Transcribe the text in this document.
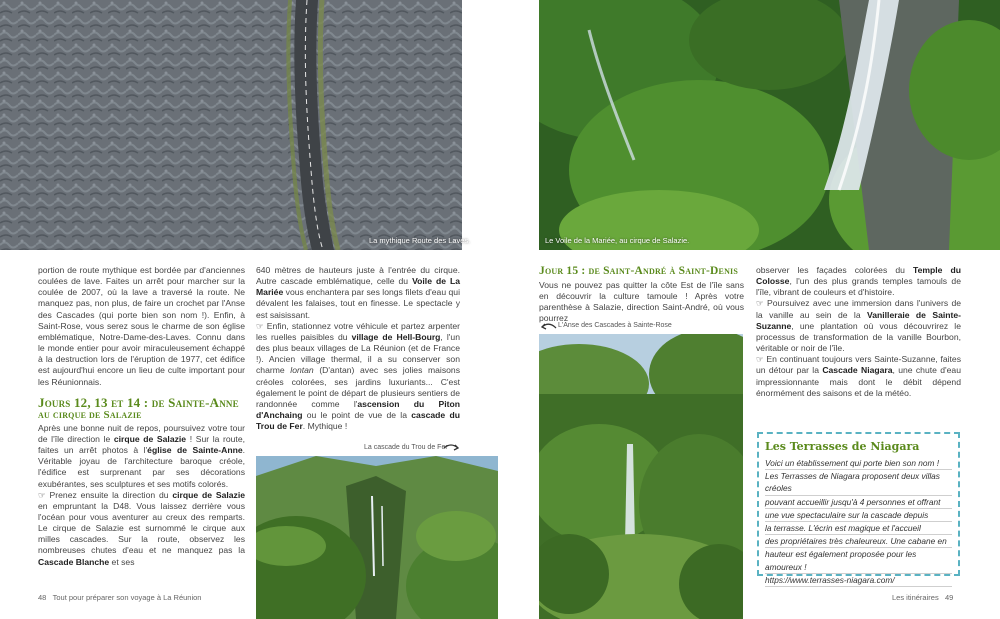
La mythique Route des Laves.	Le Voile de la Mariée, au cirque de Salazie.

portion de route mythique est bordée par d'anciennes coulées de lave. Faites un arrêt pour marcher sur la coulée de 2007, où la lave a traversé la route. Ne manquez pas, non plus, de faire un crochet par l'Anse des Cascades (qui porte bien son nom !). Enfin, à Saint-Rose, vous serez sous le charme de son église emblématique, Notre-Dame-des-Laves. Connu dans le monde entier pour avoir miraculeusement échappé à la destruction lors de l'éruption de 1977, cet édifice est aujourd'hui encore un lieu de culte important pour les Réunionnais.

Jours 12, 13 et 14 : de Sainte-Anne
au cirque de Salazie

Après une bonne nuit de repos, poursuivez votre tour de l'île direction le cirque de Salazie ! Sur la route, faites un arrêt photos à l'église de Sainte-Anne. Véritable joyau de l'architecture baroque créole, l'édifice est surprenant par ses décorations exubérantes, ses sculptures et ses motifs colorés.

☞ Prenez ensuite la direction du cirque de Salazie en empruntant la D48. Vous laissez derrière vous l'océan pour vous aventurer au creux des remparts. Le cirque de Salazie est surnommé le cirque aux milles cascades. Sur la route, observez les nombreuses chutes d'eau et ne manquez pas la Cascade Blanche et ses

640 mètres de hauteurs juste à l'entrée du cirque. Autre cascade emblématique, celle du Voile de La Mariée vous enchantera par ses longs filets d'eau qui dévalent les falaises, tout en finesse. Le spectacle y est saisissant.

☞ Enfin, stationnez votre véhicule et partez arpenter les ruelles paisibles du village de Hell-Bourg, l'un des plus beaux villages de La Réunion (et de France !). Ancien village thermal, il a su conserver son charme lontan (D'antan) avec ses jolies maisons créoles colorées, ses jardins luxuriants... C'est également le point de départ de plusieurs sentiers de randonnée comme l'ascension du Piton d'Anchaing ou le point de vue de la cascade du Trou de Fer. Mythique !

La cascade du Trou de Fer
Jour 15 : de Saint-André à Saint-Denis

Vous ne pouvez pas quitter la côte Est de l'île sans en découvrir la culture tamoule ! Après votre parenthèse à Salazie, direction Saint-André, où vous pourrez

L'Anse des Cascades à Sainte-Rose

observer les façades colorées du Temple du Colosse, l'un des plus grands temples tamouls de l'île, vibrant de couleurs et d'histoire.

☞ Poursuivez avec une immersion dans l'univers de la vanille au sein de la Vanilleraie de Sainte-Suzanne, une plantation où vous découvrirez le processus de transformation de la vanille Bourbon, véritable or noir de l'île.

☞ En continuant toujours vers Sainte-Suzanne, faites un détour par la Cascade Niagara, une chute d'eau impressionnante mais dont le débit dépend énormément des saisons et de la météo.

Les Terrasses de Niagara
Voici un établissement qui porte bien son nom !
Les Terrasses de Niagara proposent deux villas créoles
pouvant accueillir jusqu'à 4 personnes et offrant
une vue spectaculaire sur la cascade depuis
la terrasse. L'écrin est magique et l'accueil
des propriétaires très chaleureux. Une cabane en
hauteur est également proposée pour les amoureux !
https://www.terrasses-niagara.com/
48 Tout pour préparer son voyage à La Réunion	Les itinéraires 49
